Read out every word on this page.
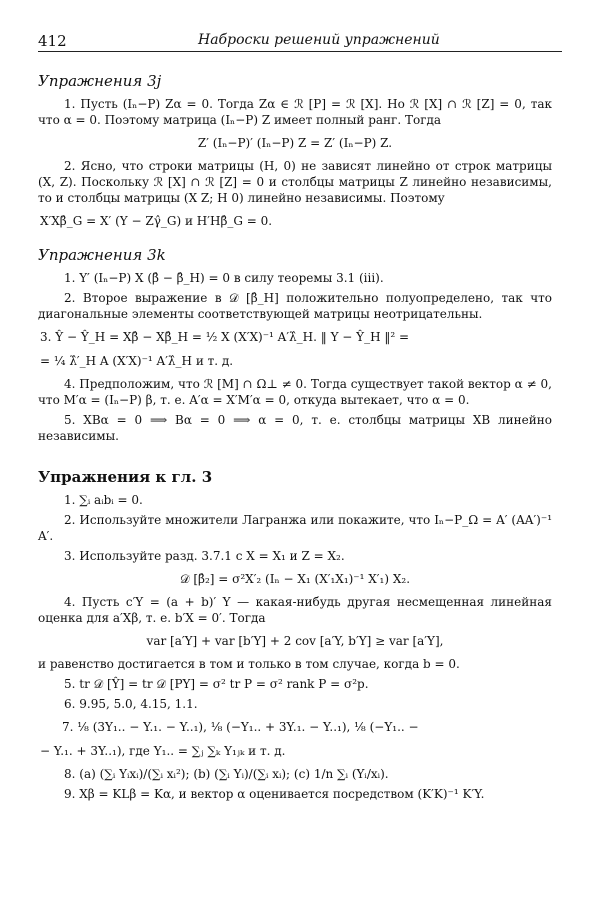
412	Наброски решений упражнений
Упражнения 3j

1. Пусть (Iₙ−P) Zα = 0. Тогда Zα ∈ ℛ [P] = ℛ [X]. Но ℛ [X] ∩ ℛ [Z] = 0, так что α = 0. Поэтому матрица (Iₙ−P) Z имеет полный ранг. Тогда

Z′ (Iₙ−P)′ (Iₙ−P) Z = Z′ (Iₙ−P) Z.

2. Ясно, что строки матрицы (H, 0) не зависят линейно от строк матрицы (X, Z). Поскольку ℛ [X] ∩ ℛ [Z] = 0 и столбцы матрицы Z линейно независимы, то и столбцы матрицы (X Z; H 0) линейно независимы. Поэтому

X′Xβ̂_G = X′ (Y − Zγ̂_G) и H′Hβ̂_G = 0.
Упражнения 3k

1. Y′ (Iₙ−P) X (β̂ − β̂_H) = 0 в силу теоремы 3.1 (iii).

2. Второе выражение в 𝒟 [β̂_H] положительно полуопределено, так что диагональные элементы соответствующей матрицы неотрицательны.

3. Ŷ − Ŷ_H = Xβ̂ − Xβ̂_H = ½ X (X′X)⁻¹ A′λ̂_H. ‖ Y − Ŷ_H ‖² =
= ¼ λ̂′_H A (X′X)⁻¹ A′λ̂_H и т. д.

4. Предположим, что ℛ [M] ∩ Ω⊥ ≠ 0. Тогда существует такой вектор α ≠ 0, что M′α = (Iₙ−P) β, т. е. A′α = X′M′α = 0, откуда вытекает, что α = 0.

5. XBα = 0 ⟹ Bα = 0 ⟹ α = 0, т. е. столбцы матрицы XB линейно независимы.

Упражнения к гл. 3

1. ∑ᵢ aᵢbᵢ = 0.

2. Используйте множители Лагранжа или покажите, что Iₙ−P_Ω = A′ (AA′)⁻¹ A′.

3. Используйте разд. 3.7.1 с X = X₁ и Z = X₂.

𝒟 [β̂₂] = σ²X′₂ (Iₙ − X₁ (X′₁X₁)⁻¹ X′₁) X₂.

4. Пусть c′Y = (a + b)′ Y — какая-нибудь другая несмещенная линейная оценка для a′Xβ, т. е. b′X = 0′. Тогда

var [a′Y] + var [b′Y] + 2 cov [a′Y, b′Y] ≥ var [a′Y],

и равенство достигается в том и только в том случае, когда b = 0.

5. tr 𝒟 [Ŷ] = tr 𝒟 [PY] = σ² tr P = σ² rank P = σ²p.

6. 9.95, 5.0, 4.15, 1.1.

7. ⅛ (3Y₁.. − Y.₁. − Y..₁), ⅛ (−Y₁.. + 3Y.₁. − Y..₁), ⅛ (−Y₁.. −
− Y.₁. + 3Y..₁), где Y₁.. = ∑ⱼ ∑ₖ Y₁ⱼₖ и т. д.

8. (a) (∑ᵢ Yᵢxᵢ)/(∑ᵢ xᵢ²); (b) (∑ᵢ Yᵢ)/(∑ᵢ xᵢ); (c) 1/n ∑ᵢ (Yᵢ/xᵢ).

9. Xβ = KLβ = Kα, и вектор α оценивается посредством (K′K)⁻¹ K′Y.
